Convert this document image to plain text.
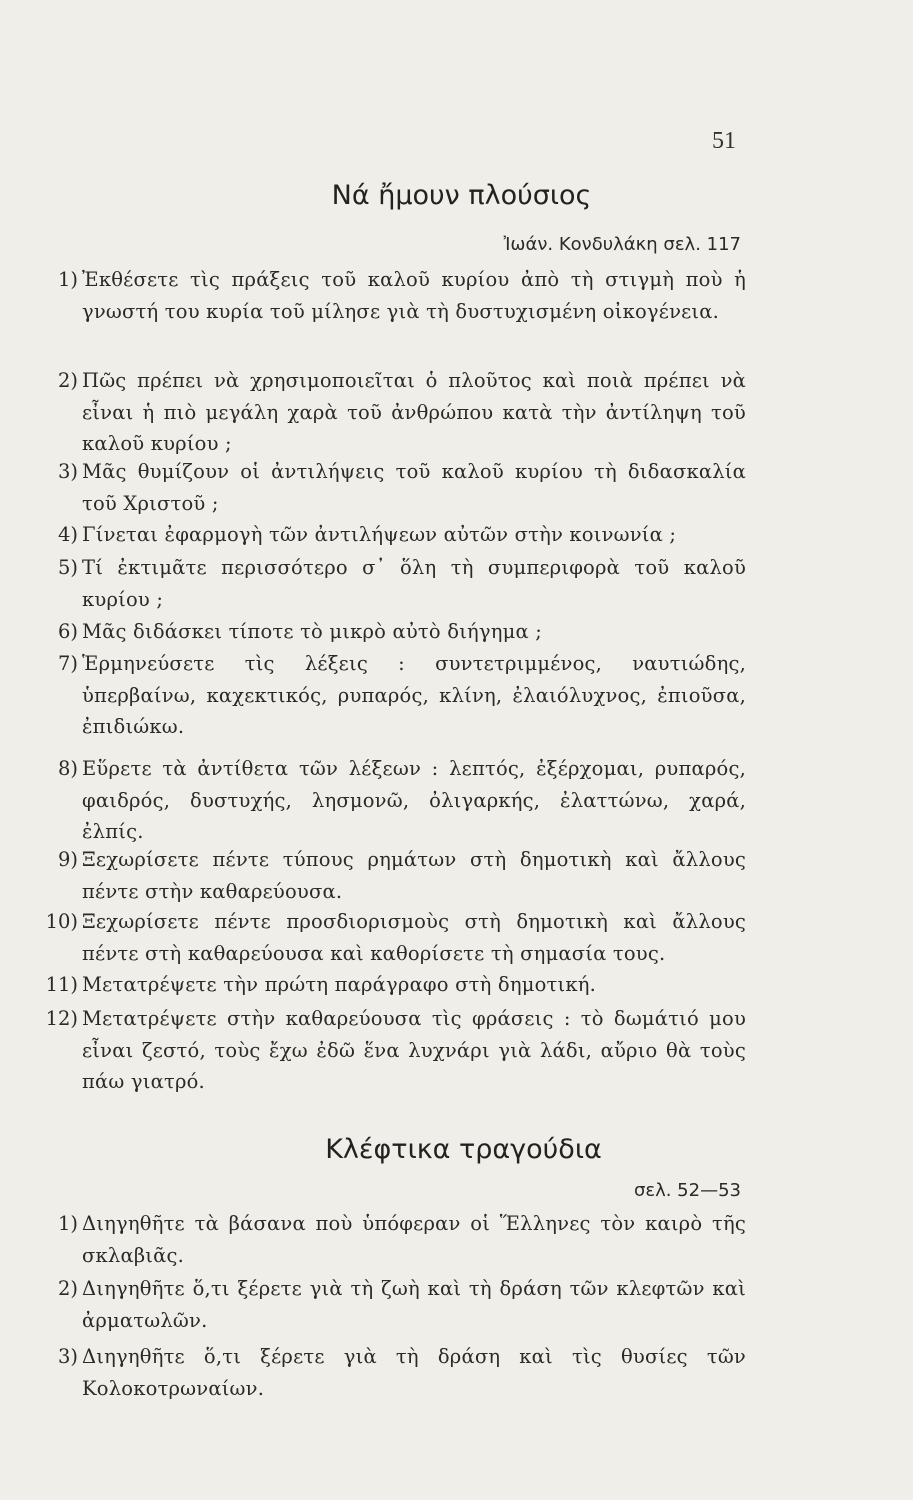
51
Νά ἤμουν πλούσιος
Ἰωάν. Κονδυλάκη σελ. 117
1) Ἐκθέσετε τὶς πράξεις τοῦ καλοῦ κυρίου ἀπὸ τὴ στιγμὴ ποὺ ἡ γνωστή του κυρία τοῦ μίλησε γιὰ τὴ δυστυχισμένη οἰκογένεια.
2) Πῶς πρέπει νὰ χρησιμοποιεῖται ὁ πλοῦτος καὶ ποιὰ πρέπει νὰ εἶναι ἡ πιὸ μεγάλη χαρὰ τοῦ ἀνθρώπου κατὰ τὴν ἀντίληψη τοῦ καλοῦ κυρίου ;
3) Μᾶς θυμίζουν οἱ ἀντιλήψεις τοῦ καλοῦ κυρίου τὴ διδασκαλία τοῦ Χριστοῦ ;
4) Γίνεται ἐφαρμογὴ τῶν ἀντιλήψεων αὐτῶν στὴν κοινωνία ;
5) Τί ἐκτιμᾶτε περισσότερο σ᾽ ὅλη τὴ συμπεριφορὰ τοῦ καλοῦ κυρίου ;
6) Μᾶς διδάσκει τίποτε τὸ μικρὸ αὐτὸ διήγημα ;
7) Ἑρμηνεύσετε τὶς λέξεις : συντετριμμένος, ναυτιώδης, ὑπερβαίνω, καχεκτικός, ρυπαρός, κλίνη, ἐλαιόλυχνος, ἐπιοῦσα, ἐπιδιώκω.
8) Εὕρετε τὰ ἀντίθετα τῶν λέξεων : λεπτός, ἐξέρχομαι, ρυπαρός, φαιδρός, δυστυχής, λησμονῶ, ὀλιγαρκής, ἐλαττώνω, χαρά, ἐλπίς.
9) Ξεχωρίσετε πέντε τύπους ρημάτων στὴ δημοτικὴ καὶ ἄλλους πέντε στὴν καθαρεύουσα.
10) Ξεχωρίσετε πέντε προσδιορισμοὺς στὴ δημοτικὴ καὶ ἄλλους πέντε στὴ καθαρεύουσα καὶ καθορίσετε τὴ σημασία τους.
11) Μετατρέψετε τὴν πρώτη παράγραφο στὴ δημοτική.
12) Μετατρέψετε στὴν καθαρεύουσα τὶς φράσεις : τὸ δωμάτιό μου εἶναι ζεστό, τοὺς ἔχω ἐδῶ ἕνα λυχνάρι γιὰ λάδι, αὔριο θὰ τοὺς πάω γιατρό.
Κλέφτικα τραγούδια
σελ. 52—53
1) Διηγηθῆτε τὰ βάσανα ποὺ ὑπόφεραν οἱ Ἕλληνες τὸν καιρὸ τῆς σκλαβιᾶς.
2) Διηγηθῆτε ὅ,τι ξέρετε γιὰ τὴ ζωὴ καὶ τὴ δράση τῶν κλεφτῶν καὶ ἀρματωλῶν.
3) Διηγηθῆτε ὅ,τι ξέρετε γιὰ τὴ δράση καὶ τὶς θυσίες τῶν Κολοκοτρωναίων.
